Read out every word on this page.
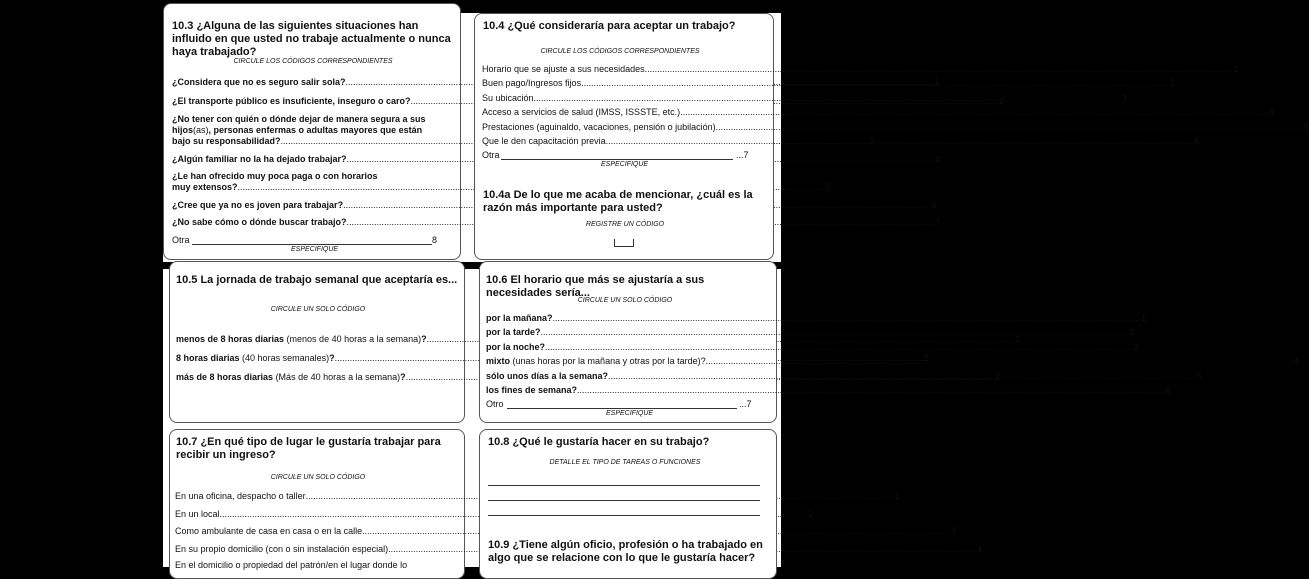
10.3 ¿Alguna de las siguientes situaciones han influido en que usted no trabaje actualmente o nunca haya trabajado?
CIRCULE LOS CÓDIGOS CORRESPONDIENTES
¿Considera que no es seguro salir sola? .....	1
¿El transporte público es insuficiente, inseguro o caro? .....	2
¿No tener con quién o dónde dejar de manera segura a sus
hijos(as), personas enfermas o adultas mayores que están
bajo su responsabilidad? .....	3
¿Algún familiar no la ha dejado trabajar? .....	4
¿Le han ofrecido muy poca paga o con horarios
muy extensos? .....	5
¿Cree que ya no es joven para trabajar? .....	6
¿No sabe cómo o dónde buscar trabajo? .....	7
Otra	8
ESPECIFIQUE
10.4 ¿Qué consideraría para aceptar un trabajo?
CIRCULE LOS CÓDIGOS CORRESPONDIENTES
Horario que se ajuste a sus necesidades .....	1
Buen pago/Ingresos fijos .....	2
Su ubicación .....	3
Acceso a servicios de salud (IMSS, ISSSTE, etc.) .....	4
Prestaciones (aguinaldo, vacaciones, pensión o jubilación) .....	5
Que le den capacitación previa .....	6
Otra	...7
ESPECIFIQUE
10.4a De lo que me acaba de mencionar, ¿cuál es la razón más importante para usted?
REGISTRE UN CÓDIGO
10.5 La jornada de trabajo semanal que aceptaría es...
CIRCULE UN SOLO CÓDIGO
menos de 8 horas diarias (menos de 40 horas a la semana)? .....	1
8 horas diarias (40 horas semanales)? .....	2
más de 8 horas diarias (Más de 40 horas a la semana)? .....	3
10.6 El horario que más se ajustaría a sus necesidades sería...
CIRCULE UN SOLO CÓDIGO
por la mañana? .....	1
por la tarde? .....	2
por la noche? .....	3
mixto (unas horas por la mañana y otras por la tarde)? .....	4
sólo unos días a la semana? .....	5
los fines de semana? .....	6
Otro	...7
ESPECIFIQUE
10.7 ¿En qué tipo de lugar le gustaría trabajar para recibir un ingreso?
CIRCULE UN SOLO CÓDIGO
En una oficina, despacho o taller .....	1
En un local .....	2
Como ambulante de casa en casa o en la calle .....	3
En su propio domicilio (con o sin instalación especial) .....	4
En el domicilio o propiedad del patrón/en el lugar donde lo
10.8 ¿Qué le gustaría hacer en su trabajo?
DETALLE EL TIPO DE TAREAS O FUNCIONES
10.9 ¿Tiene algún oficio, profesión o ha trabajado en algo que se relacione con lo que le gustaría hacer?
